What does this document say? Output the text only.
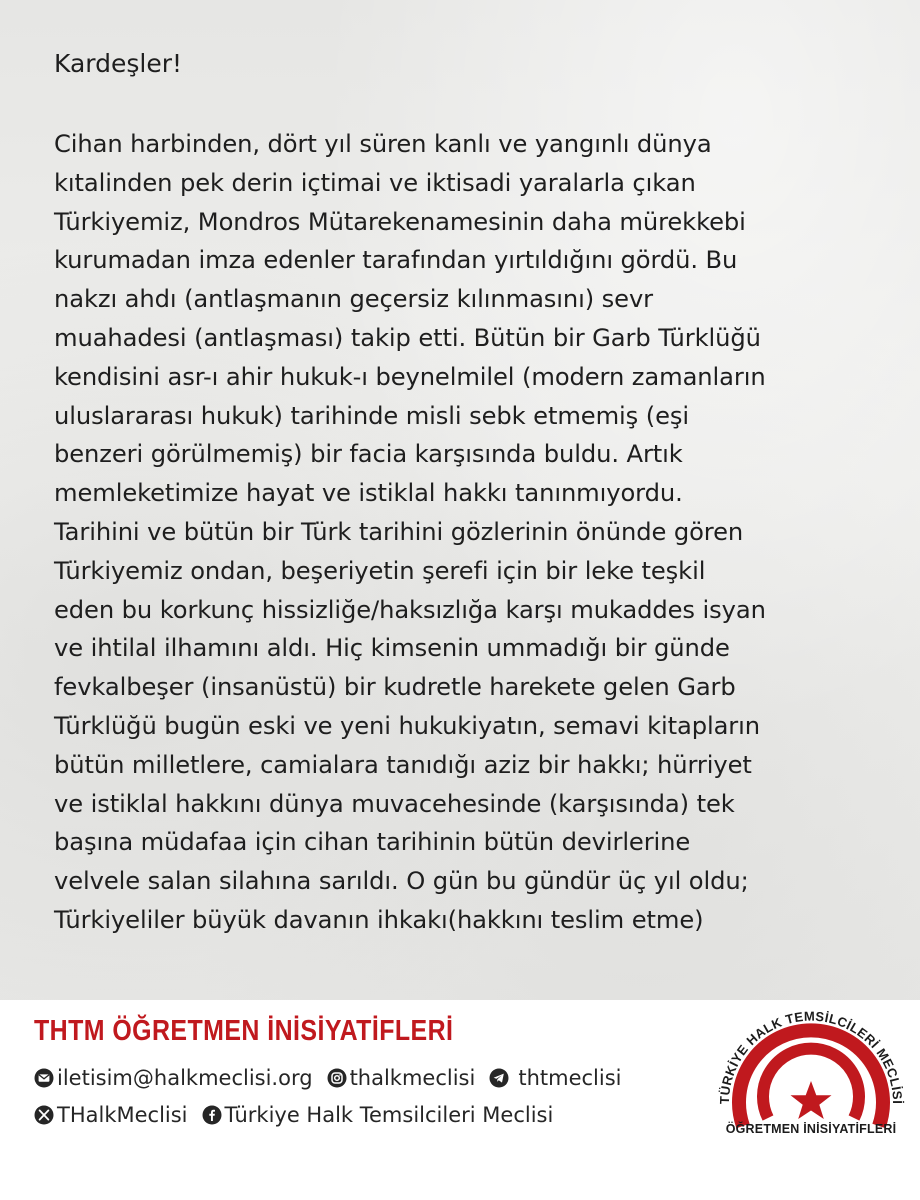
Kardeşler!

Cihan harbinden, dört yıl süren kanlı ve yangınlı dünya
kıtalinden pek derin içtimai ve iktisadi yaralarla çıkan
Türkiyemiz, Mondros Mütarekenamesinin daha mürekkebi
kurumadan imza edenler tarafından yırtıldığını gördü. Bu
nakzı ahdı (antlaşmanın geçersiz kılınmasını) sevr
muahadesi (antlaşması) takip etti. Bütün bir Garb Türklüğü
kendisini asr-ı ahir hukuk-ı beynelmilel (modern zamanların
uluslararası hukuk) tarihinde misli sebk etmemiş (eşi
benzeri görülmemiş) bir facia karşısında buldu. Artık
memleketimize hayat ve istiklal hakkı tanınmıyordu.
Tarihini ve bütün bir Türk tarihini gözlerinin önünde gören
Türkiyemiz ondan, beşeriyetin şerefi için bir leke teşkil
eden bu korkunç hissizliğe/haksızlığa karşı mukaddes isyan
ve ihtilal ilhamını aldı. Hiç kimsenin ummadığı bir günde
fevkalbeşer (insanüstü) bir kudretle harekete gelen Garb
Türklüğü bugün eski ve yeni hukukiyatın, semavi kitapların
bütün milletlere, camialara tanıdığı aziz bir hakkı; hürriyet
ve istiklal hakkını dünya muvacehesinde (karşısında) tek
başına müdafaa için cihan tarihinin bütün devirlerine
velvele salan silahına sarıldı. O gün bu gündür üç yıl oldu;
Türkiyeliler büyük davanın ihkakı(hakkını teslim etme)
THTM ÖĞRETMEN İNİSİYATİFLERİ
iletisim@halkmeclisi.org thalkmeclisi thtmeclisi
THalkMeclisi Türkiye Halk Temsilcileri Meclisi
TÜRKİYE HALK TEMSİLCİLERİ MECLİSİ
ÖĞRETMEN İNİSİYATİFLERİ
